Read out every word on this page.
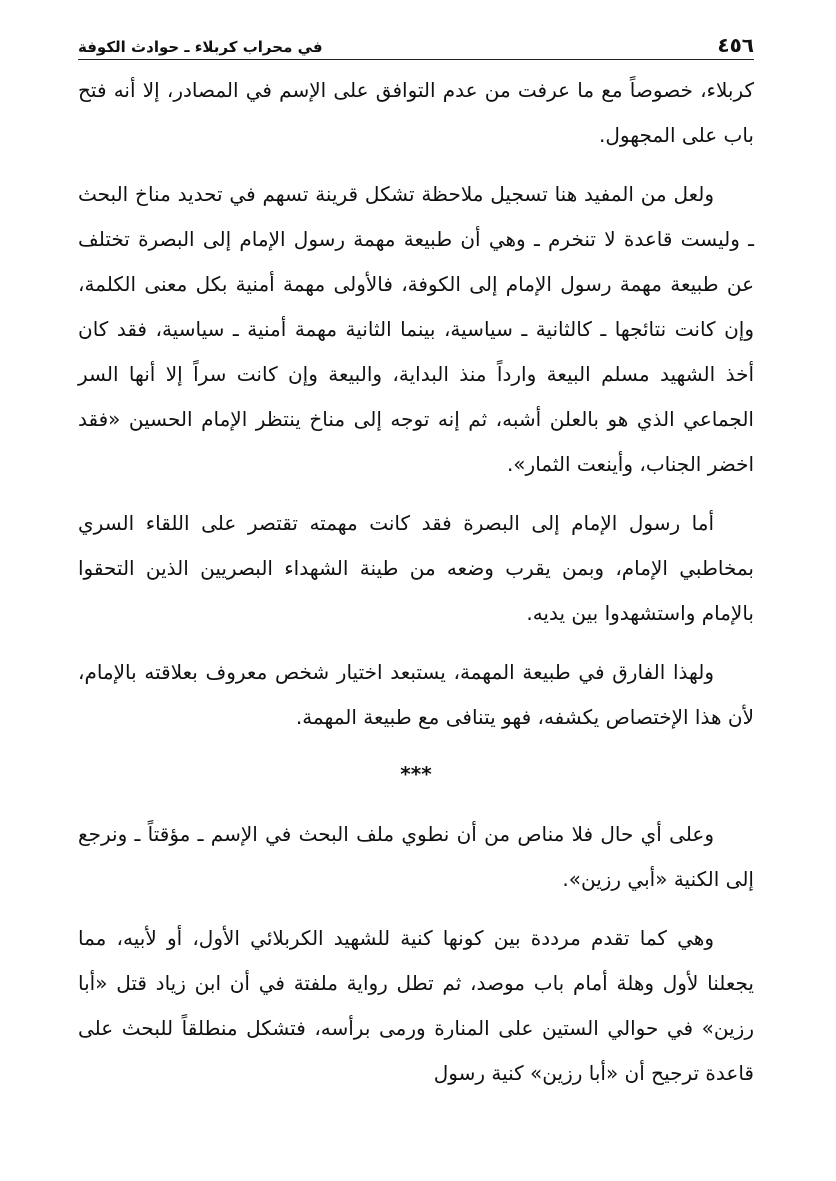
٤٥٦
في محراب كربلاء ـ حوادث الكوفة

كربلاء، خصوصاً مع ما عرفت من عدم التوافق على الإسم في المصادر، إلا أنه فتح باب على المجهول.

ولعل من المفيد هنا تسجيل ملاحظة تشكل قرينة تسهم في تحديد مناخ البحث ـ وليست قاعدة لا تنخرم ـ وهي أن طبيعة مهمة رسول الإمام إلى البصرة تختلف عن طبيعة مهمة رسول الإمام إلى الكوفة، فالأولى مهمة أمنية بكل معنى الكلمة، وإن كانت نتائجها ـ كالثانية ـ سياسية، بينما الثانية مهمة أمنية ـ سياسية، فقد كان أخذ الشهيد مسلم البيعة وارداً منذ البداية، والبيعة وإن كانت سراً إلا أنها السر الجماعي الذي هو بالعلن أشبه، ثم إنه توجه إلى مناخ ينتظر الإمام الحسين «فقد اخضر الجناب، وأينعت الثمار».

أما رسول الإمام إلى البصرة فقد كانت مهمته تقتصر على اللقاء السري بمخاطبي الإمام، وبمن يقرب وضعه من طينة الشهداء البصريين الذين التحقوا بالإمام واستشهدوا بين يديه.

ولهذا الفارق في طبيعة المهمة، يستبعد اختيار شخص معروف بعلاقته بالإمام، لأن هذا الإختصاص يكشفه، فهو يتنافى مع طبيعة المهمة.

***

وعلى أي حال فلا مناص من أن نطوي ملف البحث في الإسم ـ مؤقتاً ـ ونرجع إلى الكنية «أبي رزين».

وهي كما تقدم مرددة بين كونها كنية للشهيد الكربلائي الأول، أو لأبيه، مما يجعلنا لأول وهلة أمام باب موصد، ثم تطل رواية ملفتة في أن ابن زياد قتل «أبا رزين» في حوالي الستين على المنارة ورمى برأسه، فتشكل منطلقاً للبحث على قاعدة ترجيح أن «أبا رزين» كنية رسول
